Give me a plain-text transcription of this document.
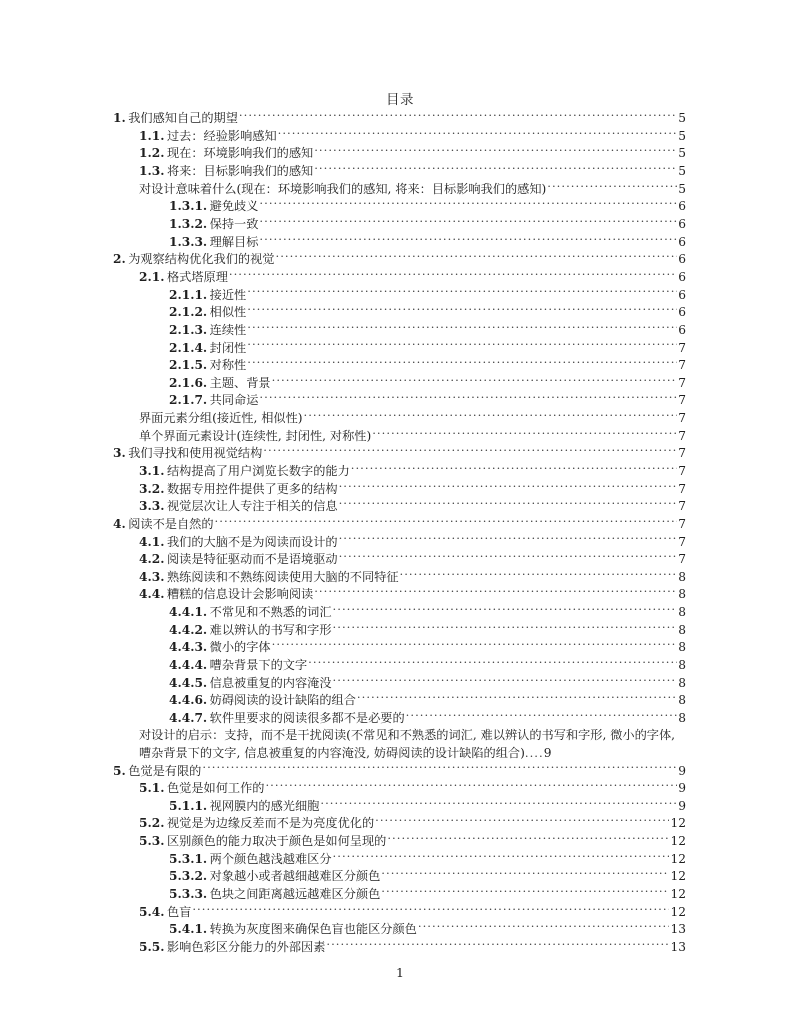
目录
1. 我们感知自己的期望 .....	5
1.1. 过去：经验影响感知 .....	5
1.2. 现在：环境影响我们的感知 .....	5
1.3. 将来：目标影响我们的感知 .....	5
对设计意味着什么(现在：环境影响我们的感知, 将来：目标影响我们的感知) .....	5
1.3.1. 避免歧义 .....	6
1.3.2. 保持一致 .....	6
1.3.3. 理解目标 .....	6
2. 为观察结构优化我们的视觉 .....	6
2.1. 格式塔原理 .....	6
2.1.1. 接近性 .....	6
2.1.2. 相似性 .....	6
2.1.3. 连续性 .....	6
2.1.4. 封闭性 .....	7
2.1.5. 对称性 .....	7
2.1.6. 主题、背景 .....	7
2.1.7. 共同命运 .....	7
界面元素分组(接近性, 相似性) .....	7
单个界面元素设计(连续性, 封闭性, 对称性) .....	7
3. 我们寻找和使用视觉结构 .....	7
3.1. 结构提高了用户浏览长数字的能力 .....	7
3.2. 数据专用控件提供了更多的结构 .....	7
3.3. 视觉层次让人专注于相关的信息 .....	7
4. 阅读不是自然的 .....	7
4.1. 我们的大脑不是为阅读而设计的 .....	7
4.2. 阅读是特征驱动而不是语境驱动 .....	7
4.3. 熟练阅读和不熟练阅读使用大脑的不同特征 .....	8
4.4. 糟糕的信息设计会影响阅读 .....	8
4.4.1. 不常见和不熟悉的词汇 .....	8
4.4.2. 难以辨认的书写和字形 .....	8
4.4.3. 微小的字体 .....	8
4.4.4. 嘈杂背景下的文字 .....	8
4.4.5. 信息被重复的内容淹没 .....	8
4.4.6. 妨碍阅读的设计缺陷的组合 .....	8
4.4.7. 软件里要求的阅读很多都不是必要的 .....	8
对设计的启示：支持，而不是干扰阅读(不常见和不熟悉的词汇, 难以辨认的书写和字形, 微小的字体, 嘈杂背景下的文字, 信息被重复的内容淹没, 妨碍阅读的设计缺陷的组合)....9
5. 色觉是有限的 .....	9
5.1. 色觉是如何工作的 .....	9
5.1.1. 视网膜内的感光细胞 .....	9
5.2. 视觉是为边缘反差而不是为亮度优化的 .....	12
5.3. 区别颜色的能力取决于颜色是如何呈现的 .....	12
5.3.1. 两个颜色越浅越难区分 .....	12
5.3.2. 对象越小或者越细越难区分颜色 .....	12
5.3.3. 色块之间距离越远越难区分颜色 .....	12
5.4. 色盲 .....	12
5.4.1. 转换为灰度图来确保色盲也能区分颜色 .....	13
5.5. 影响色彩区分能力的外部因素 .....	13
1
